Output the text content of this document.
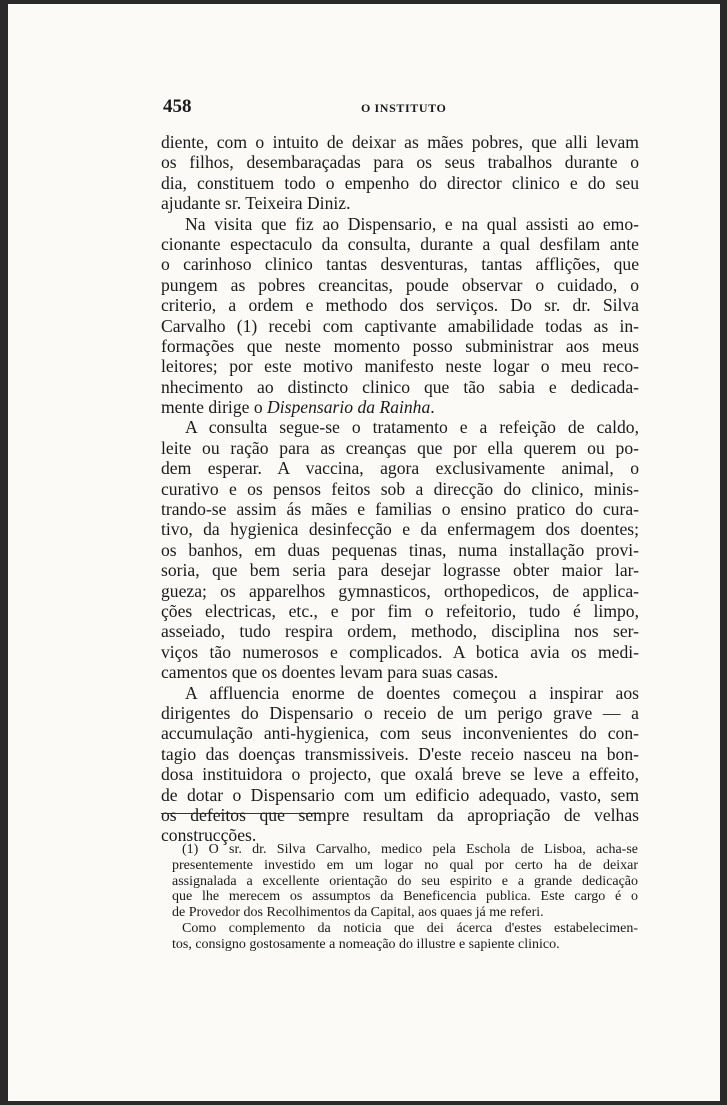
458	O INSTITUTO

diente, com o intuito de deixar as mães pobres, que alli levam

os filhos, desembaraçadas para os seus trabalhos durante o

dia, constituem todo o empenho do director clinico e do seu

ajudante sr. Teixeira Diniz.

Na visita que fiz ao Dispensario, e na qual assisti ao emo-

cionante espectaculo da consulta, durante a qual desfilam ante

o carinhoso clinico tantas desventuras, tantas afflições, que

pungem as pobres creancitas, poude observar o cuidado, o

criterio, a ordem e methodo dos serviços. Do sr. dr. Silva

Carvalho (1) recebi com captivante amabilidade todas as in-

formações que neste momento posso subministrar aos meus

leitores; por este motivo manifesto neste logar o meu reco-

nhecimento ao distincto clinico que tão sabia e dedicada-

mente dirige o Dispensario da Rainha.

A consulta segue-se o tratamento e a refeição de caldo,

leite ou ração para as creanças que por ella querem ou po-

dem esperar. A vaccina, agora exclusivamente animal, o

curativo e os pensos feitos sob a direcção do clinico, minis-

trando-se assim ás mães e familias o ensino pratico do cura-

tivo, da hygienica desinfecção e da enfermagem dos doentes;

os banhos, em duas pequenas tinas, numa installação provi-

soria, que bem seria para desejar lograsse obter maior lar-

gueza; os apparelhos gymnasticos, orthopedicos, de applica-

ções electricas, etc., e por fim o refeitorio, tudo é limpo,

asseiado, tudo respira ordem, methodo, disciplina nos ser-

viços tão numerosos e complicados. A botica avia os medi-

camentos que os doentes levam para suas casas.

A affluencia enorme de doentes começou a inspirar aos

dirigentes do Dispensario o receio de um perigo grave — a

accumulação anti-hygienica, com seus inconvenientes do con-

tagio das doenças transmissiveis. D'este receio nasceu na bon-

dosa instituidora o projecto, que oxalá breve se leve a effeito,

de dotar o Dispensario com um edificio adequado, vasto, sem

os defeitos que sempre resultam da apropriação de velhas

construcções.

(1) O sr. dr. Silva Carvalho, medico pela Eschola de Lisboa, acha-se

presentemente investido em um logar no qual por certo ha de deixar

assignalada a excellente orientação do seu espirito e a grande dedicação

que lhe merecem os assumptos da Beneficencia publica. Este cargo é o

de Provedor dos Recolhimentos da Capital, aos quaes já me referi.

Como complemento da noticia que dei ácerca d'estes estabelecimen-

tos, consigno gostosamente a nomeação do illustre e sapiente clinico.
